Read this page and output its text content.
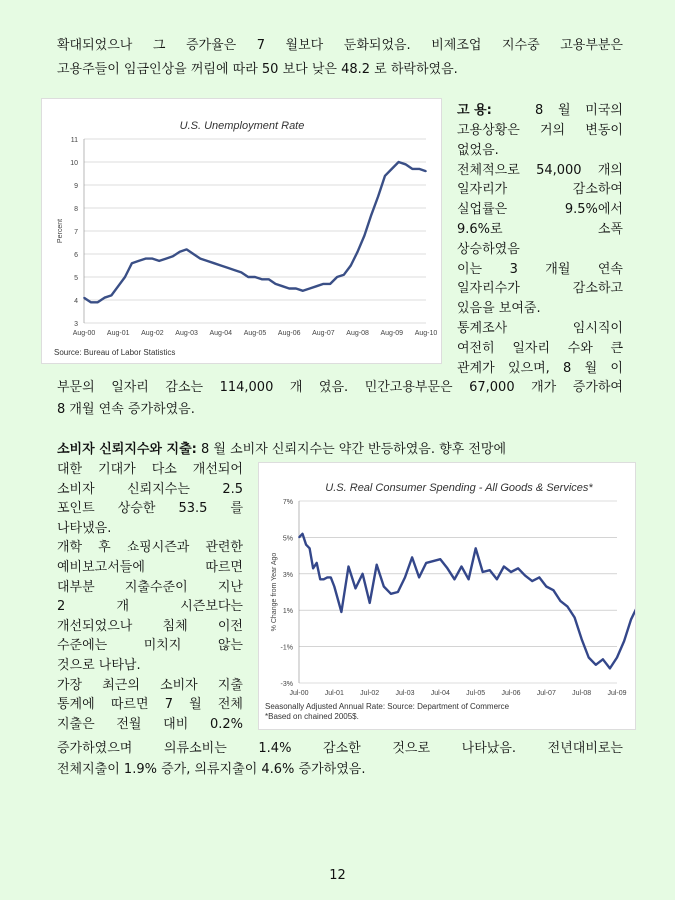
확대되었으나 그 증가율은 7 월보다 둔화되었음. 비제조업 지수중 고용부분은
고용주들이 임금인상을 꺼림에 따라 50 보다 낮은 48.2 로 하락하였음.
U.S. Unemployment Rate
3
4
5
6
7
8
9
10
11
Aug-00 Aug-01 Aug-02 Aug-03 Aug-04 Aug-05 Aug-06 Aug-07 Aug-08 Aug-09 Aug-10
Percent
Source: Bureau of Labor Statistics
고 용:	8 월 미국의
고용상황은 거의 변동이
없었음.
전체적으로 54,000 개의
일자리가 감소하여
실업률은 9.5%에서
9.6%로 소폭
상승하였음
이는 3 개월 연속
일자리수가 감소하고
있음을 보여줌.
통계조사 임시직이
여전히 일자리 수와 큰
관계가 있으며, 8 월 이
부문의 일자리 감소는 114,000 개 였음. 민간고용부문은 67,000 개가 증가하여
8 개월 연속 증가하였음.
소비자 신뢰지수와 지출: 8 월 소비자 신뢰지수는 약간 반등하였음. 향후 전망에
대한 기대가 다소 개선되어
소비자 신뢰지수는 2.5
포인트 상승한 53.5 를
나타냈음.
개학 후 쇼핑시즌과 관련한
예비보고서들에 따르면
대부분 지출수준이 지난
2 개 시즌보다는
개선되었으나 침체 이전
수준에는 미치지 않는
것으로 나타남.
가장 최근의 소비자 지출
통계에 따르면 7 월 전체
지출은 전월 대비 0.2%
U.S. Real Consumer Spending - All Goods & Services*
-3%
-1%
1%
3%
5%
7%
Jul-00 Jul-01 Jul-02 Jul-03 Jul-04 Jul-05 Jul-06 Jul-07 Jul-08 Jul-09
% Change from Year Ago
Seasonally Adjusted Annual Rate: Source: Department of Commerce
*Based on chained 2005$.
증가하였으며 의류소비는 1.4% 감소한 것으로 나타났음. 전년대비로는
전체지출이 1.9% 증가, 의류지출이 4.6% 증가하였음.
12
